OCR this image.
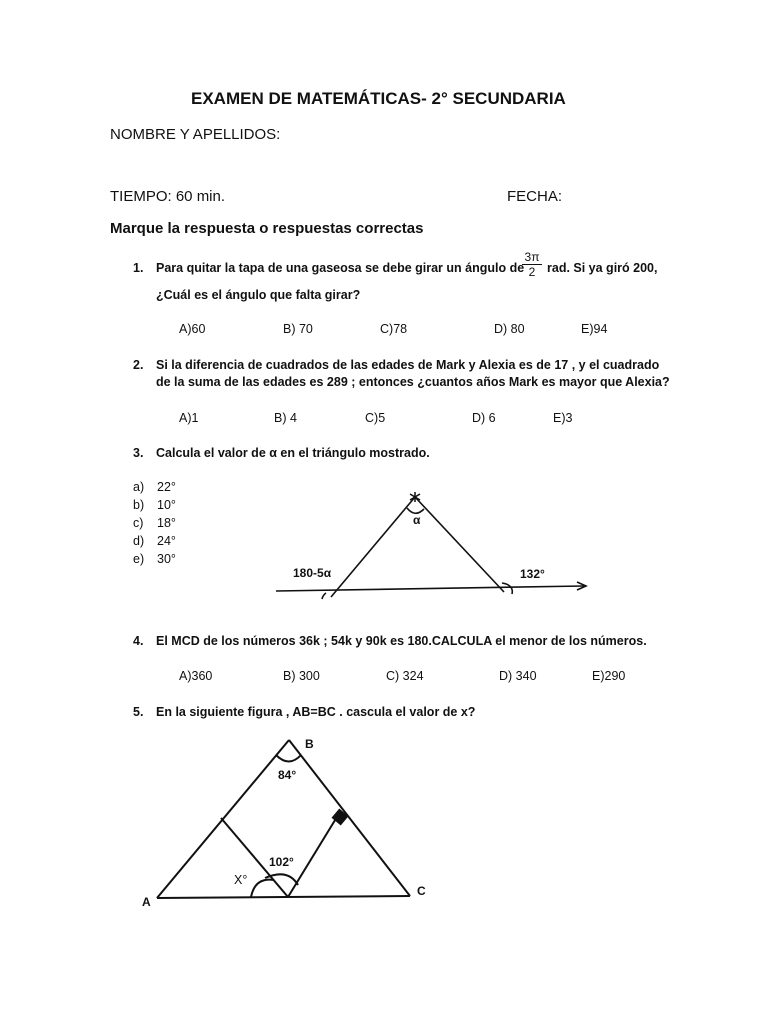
EXAMEN DE MATEMÁTICAS- 2° SECUNDARIA
NOMBRE Y APELLIDOS:
TIEMPO: 60 min.	FECHA:
Marque la respuesta o respuestas correctas
1. Para quitar la tapa de una gaseosa se debe girar un ángulo de
3π
2 rad. Si ya giró 200,
¿Cuál es el ángulo que falta girar?
A)60	B) 70	C)78	D) 80	E)94
2. Si la diferencia de cuadrados de las edades de Mark y Alexia es de 17 , y el cuadrado
de la suma de las edades es 289 ; entonces ¿cuantos años Mark es mayor que Alexia?
A)1	B) 4	C)5	D) 6	E)3
3. Calcula el valor de α en el triángulo mostrado.
a) 22°
b) 10°
c) 18°
d) 24°
e) 30°
α
180-5α	132°
4. El MCD de los números 36k ; 54k y 90k es 180.CALCULA el menor de los números.
A)360	B) 300	C) 324	D) 340	E)290
5. En la siguiente figura , AB=BC . cascula el valor de x?
B
A
C
84°
102°
X°
